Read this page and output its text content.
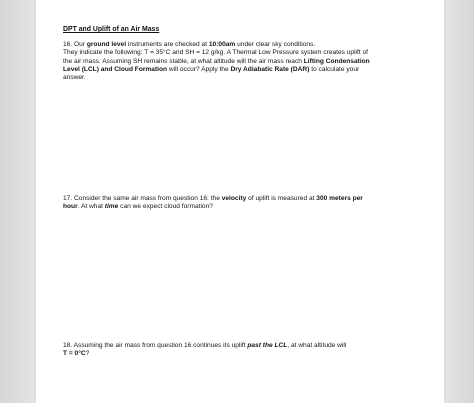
DPT and Uplift of an Air Mass
16. Our ground level instruments are checked at 10:00am under clear sky conditions.
They indicate the following: T = 35°C and SH = 12 g/kg. A Thermal Low Pressure system creates uplift of
the air mass. Assuming SH remains stable, at what altitude will the air mass reach Lifting Condensation
Level (LCL) and Cloud Formation will occur? Apply the Dry Adiabatic Rate (DAR) to calculate your
answer.
17. Consider the same air mass from question 16: the velocity of uplift is measured at 300 meters per
hour. At what time can we expect cloud formation?
18. Assuming the air mass from question 16 continues its uplift past the LCL, at what altitude will
T = 0°C?
